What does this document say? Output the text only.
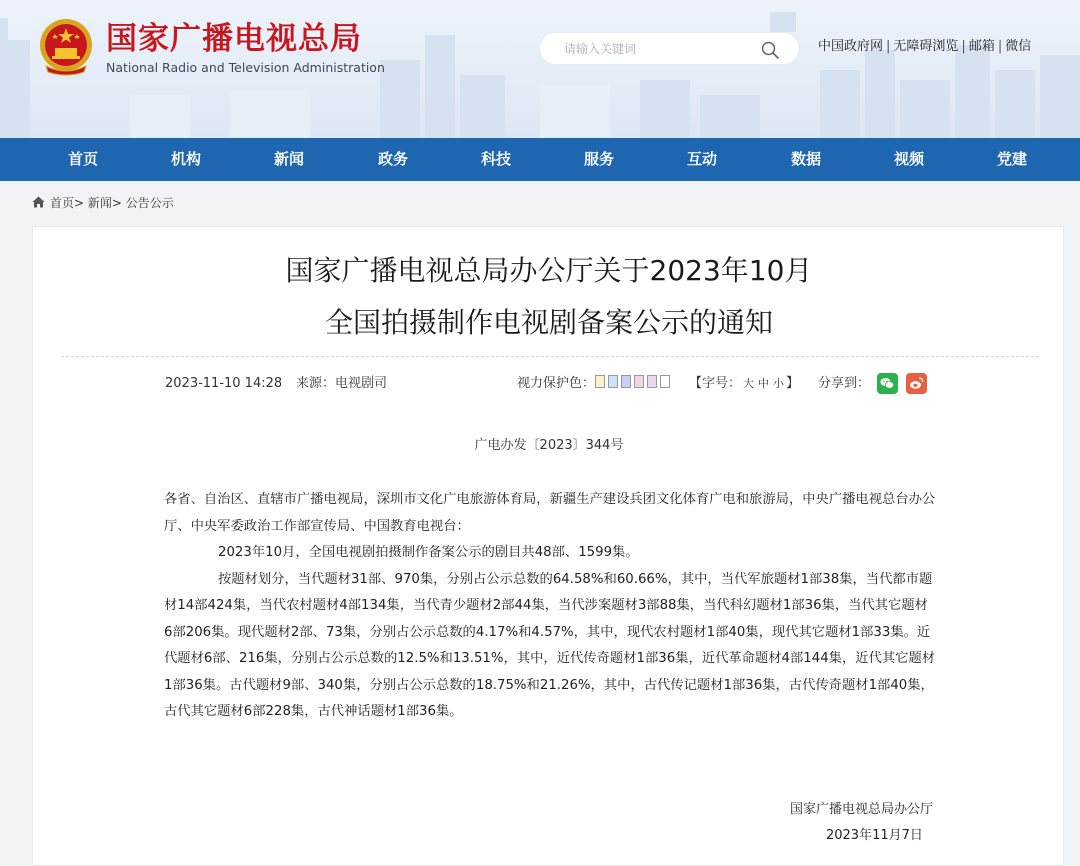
国家广播电视总局
National Radio and Television Administration
请输入关键词
中国政府网 | 无障碍浏览 | 邮箱 | 微信
首页	机构	新闻	政务	科技	服务	互动	数据	视频	党建
首页> 新闻> 公告公示
国家广播电视总局办公厅关于2023年10月
全国拍摄制作电视剧备案公示的通知
2023-11-10 14:28 来源：电视剧司	视力保护色：	【字号： 大 中 小 】 分享到：
广电办发〔2023〕344号

各省、自治区、直辖市广播电视局，深圳市文化广电旅游体育局，新疆生产建设兵团文化体育广电和旅游局，中央广播电视总台办公厅、中央军委政治工作部宣传局、中国教育电视台：

2023年10月，全国电视剧拍摄制作备案公示的剧目共48部、1599集。

按题材划分，当代题材31部、970集，分别占公示总数的64.58%和60.66%，其中，当代军旅题材1部38集，当代都市题材14部424集，当代农村题材4部134集，当代青少题材2部44集，当代涉案题材3部88集，当代科幻题材1部36集，当代其它题材6部206集。现代题材2部、73集，分别占公示总数的4.17%和4.57%，其中，现代农村题材1部40集，现代其它题材1部33集。近代题材6部、216集，分别占公示总数的12.5%和13.51%，其中，近代传奇题材1部36集，近代革命题材4部144集，近代其它题材1部36集。古代题材9部、340集，分别占公示总数的18.75%和21.26%，其中，古代传记题材1部36集，古代传奇题材1部40集，古代其它题材6部228集，古代神话题材1部36集。

国家广播电视总局办公厅
2023年11月7日
